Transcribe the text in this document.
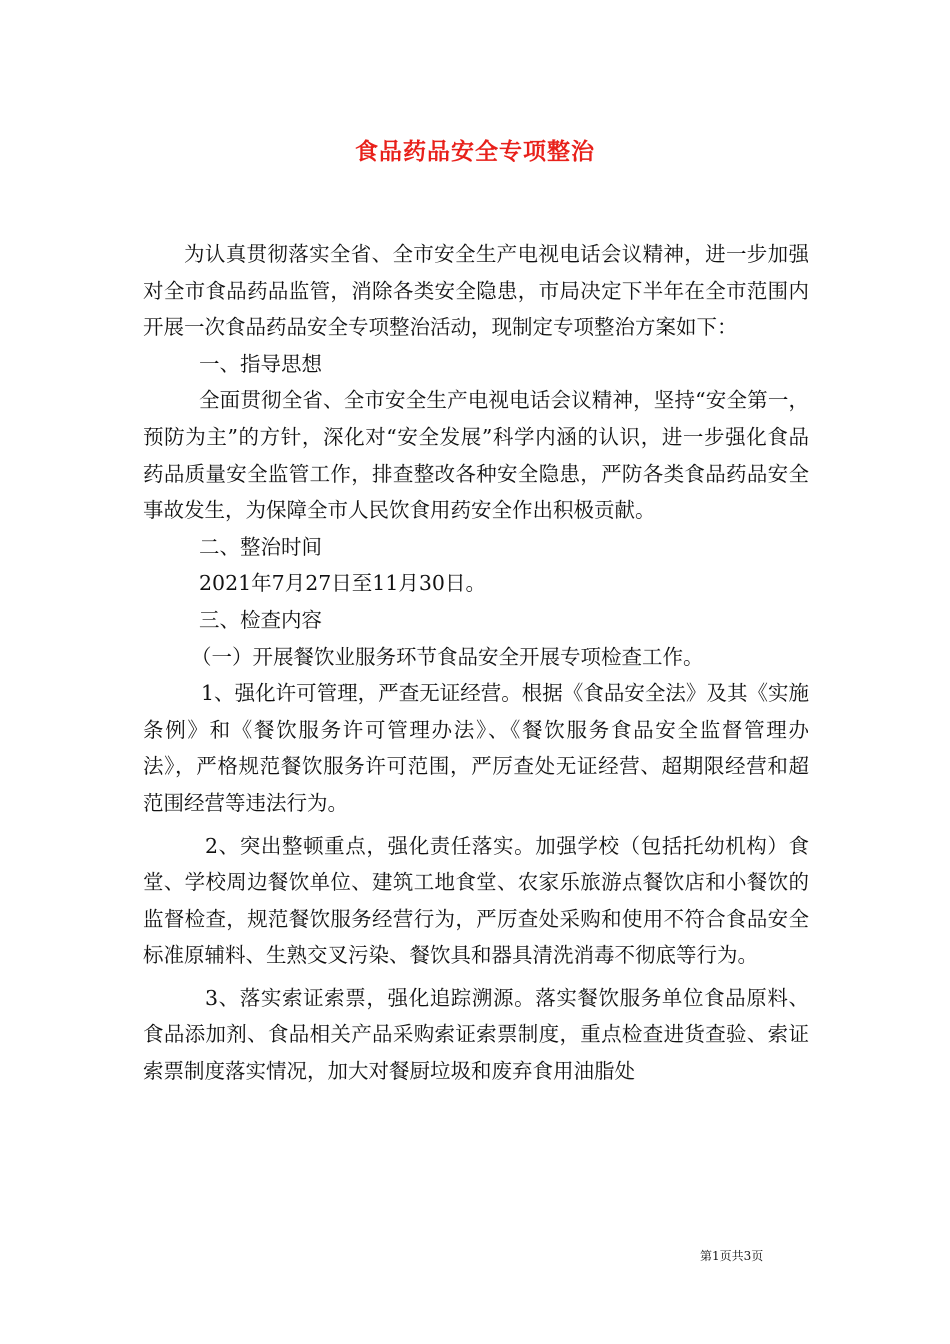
食品药品安全专项整治

为认真贯彻落实全省、全市安全生产电视电话会议精神，进一步加强对全市食品药品监管，消除各类安全隐患，市局决定下半年在全市范围内开展一次食品药品安全专项整治活动，现制定专项整治方案如下：

一、指导思想

全面贯彻全省、全市安全生产电视电话会议精神，坚持“安全第一，预防为主”的方针，深化对“安全发展”科学内涵的认识，进一步强化食品药品质量安全监管工作，排查整改各种安全隐患，严防各类食品药品安全事故发生，为保障全市人民饮食用药安全作出积极贡献。

二、整治时间

2021年7月27日至11月30日。

三、检查内容

（一）开展餐饮业服务环节食品安全开展专项检查工作。

1、强化许可管理，严查无证经营。根据《食品安全法》及其《实施条例》和《餐饮服务许可管理办法》、《餐饮服务食品安全监督管理办法》，严格规范餐饮服务许可范围，严厉查处无证经营、超期限经营和超范围经营等违法行为。

2、突出整顿重点，强化责任落实。加强学校（包括托幼机构）食堂、学校周边餐饮单位、建筑工地食堂、农家乐旅游点餐饮店和小餐饮的监督检查，规范餐饮服务经营行为，严厉查处采购和使用不符合食品安全标准原辅料、生熟交叉污染、餐饮具和器具清洗消毒不彻底等行为。

3、落实索证索票，强化追踪溯源。落实餐饮服务单位食品原料、食品添加剂、食品相关产品采购索证索票制度，重点检查进货查验、索证索票制度落实情况，加大对餐厨垃圾和废弃食用油脂处

第1页共3页
